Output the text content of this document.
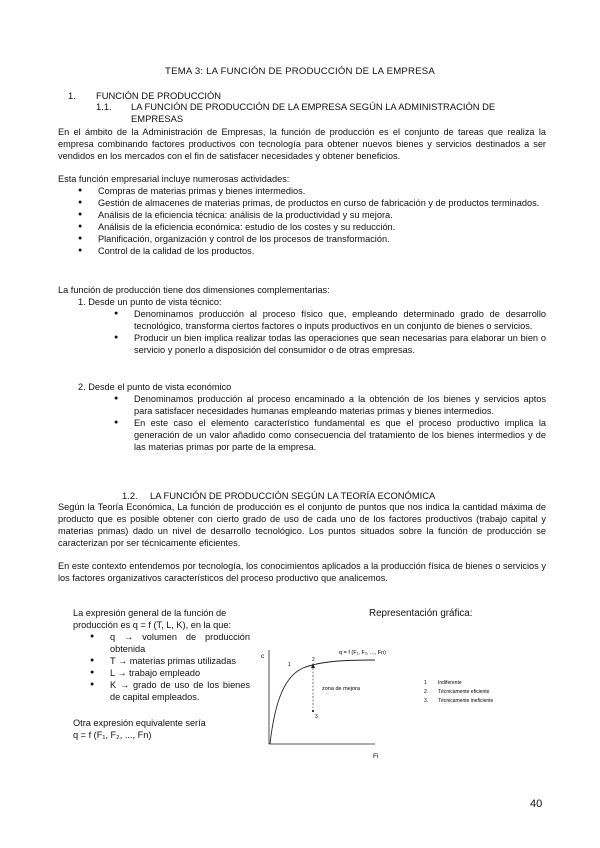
TEMA 3: LA FUNCIÓN DE PRODUCCIÓN DE LA EMPRESA
1. FUNCIÓN DE PRODUCCIÓN
1.1. LA FUNCIÓN DE PRODUCCIÓN DE LA EMPRESA SEGÚN LA ADMINISTRACIÓN DE EMPRESAS
En el ámbito de la Administración de Empresas, la función de producción es el conjunto de tareas que realiza la empresa combinando factores productivos con tecnología para obtener nuevos bienes y servicios destinados a ser vendidos en los mercados con el fin de satisfacer necesidades y obtener beneficios.
Esta función empresarial incluye numerosas actividades:
● Compras de materias primas y bienes intermedios.
● Gestión de almacenes de materias primas, de productos en curso de fabricación y de productos terminados.
● Análisis de la eficiencia técnica: análisis de la productividad y su mejora.
● Análisis de la eficiencia económica: estudio de los costes y su reducción.
● Planificación, organización y control de los procesos de transformación.
● Control de la calidad de los productos.
La función de producción tiene dos dimensiones complementarias:
1. Desde un punto de vista técnico:
● Denominamos producción al proceso físico que, empleando determinado grado de desarrollo tecnológico, transforma ciertos factores o inputs productivos en un conjunto de bienes o servicios.
● Producir un bien implica realizar todas las operaciones que sean necesarias para elaborar un bien o servicio y ponerlo a disposición del consumidor o de otras empresas.
2. Desde el punto de vista económico
● Denominamos producción al proceso encaminado a la obtención de los bienes y servicios aptos para satisfacer necesidades humanas empleando materias primas y bienes intermedios.
● En este caso el elemento característico fundamental es que el proceso productivo implica la generación de un valor añadido como consecuencia del tratamiento de los bienes intermedios y de las materias primas por parte de la empresa.
1.2. LA FUNCIÓN DE PRODUCCIÓN SEGÚN LA TEORÍA ECONÓMICA
Según la Teoría Económica, La función de producción es el conjunto de puntos que nos indica la cantidad máxima de producto que es posible obtener con cierto grado de uso de cada uno de los factores productivos (trabajo capital y materias primas) dado un nivel de desarrollo tecnológico. Los puntos situados sobre la función de producción se caracterizan por ser técnicamente eficientes.
En este contexto entendemos por tecnología, los conocimientos aplicados a la producción física de bienes o servicios y los factores organizativos característicos del proceso productivo que analicemos.
La expresión general de la función de producción es q = f (T, L, K), en la que:
● q → volumen de producción obtenida
● T → materias primas utilizadas
● L → trabajo empleado
● K → grado de uso de los bienes de capital empleados.
Otra expresión equivalente sería
q = f (F₁, F₂, ..., Fn)
Representación gráfica:
c
Fi
q = f (F₁, F₂, ..., Fn)
1
2
3
zona de mejora
1 Indiferente
2. Técnicamente eficiente
3. Técnicamente ineficiente
40
